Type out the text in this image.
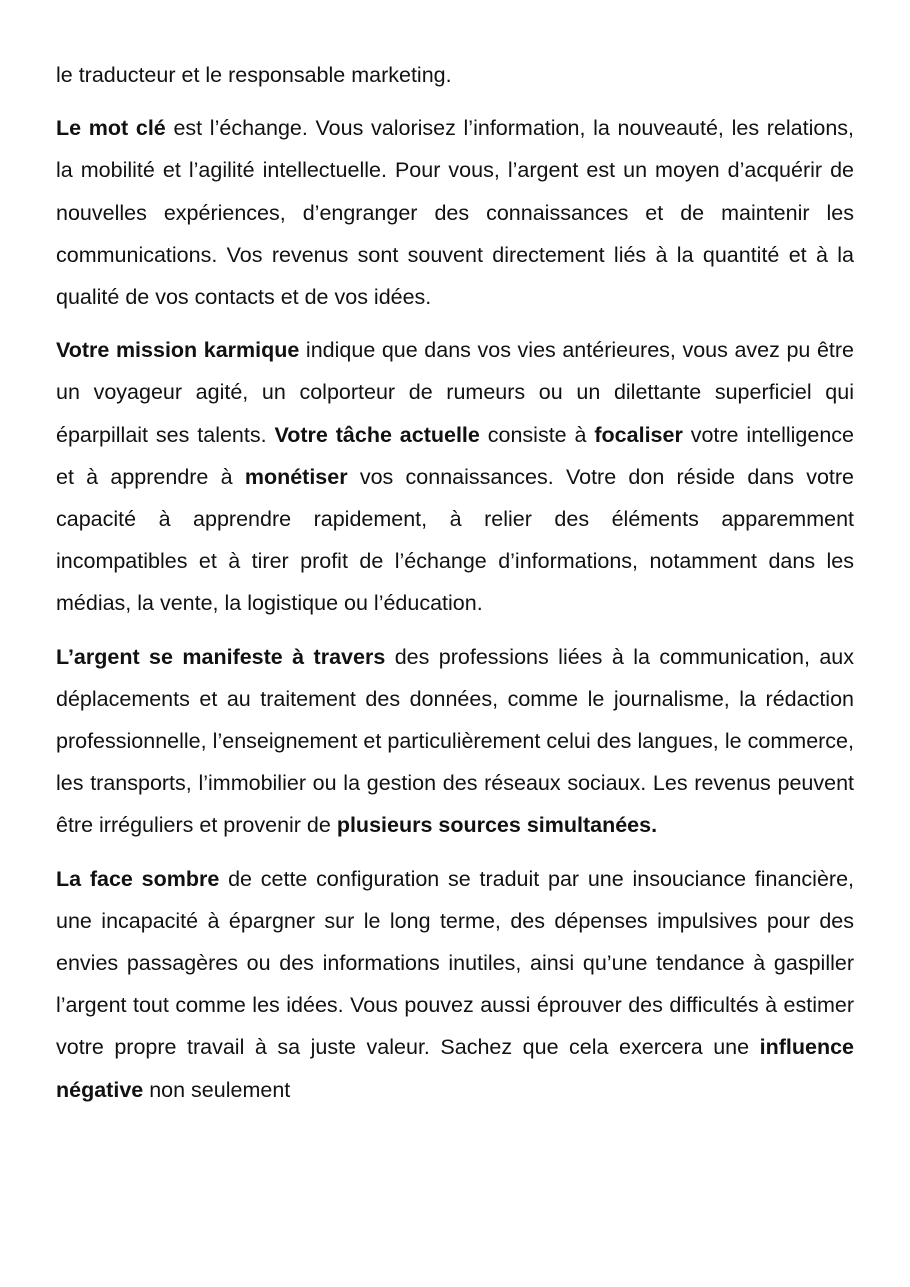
le traducteur et le responsable marketing.

Le mot clé est l’échange. Vous valorisez l’information, la nouveauté, les relations, la mobilité et l’agilité intellectuelle. Pour vous, l’argent est un moyen d’acquérir de nouvelles expériences, d’engranger des connaissances et de maintenir les communications. Vos revenus sont souvent directement liés à la quantité et à la qualité de vos contacts et de vos idées.

Votre mission karmique indique que dans vos vies antérieures, vous avez pu être un voyageur agité, un colporteur de rumeurs ou un dilettante superficiel qui éparpillait ses talents. Votre tâche actuelle consiste à focaliser votre intelligence et à apprendre à monétiser vos connaissances. Votre don réside dans votre capacité à apprendre rapidement, à relier des éléments apparemment incompatibles et à tirer profit de l’échange d’informations, notamment dans les médias, la vente, la logistique ou l’éducation.

L’argent se manifeste à travers des professions liées à la communication, aux déplacements et au traitement des données, comme le journalisme, la rédaction professionnelle, l’enseignement et particulièrement celui des langues, le commerce, les transports, l’immobilier ou la gestion des réseaux sociaux. Les revenus peuvent être irréguliers et provenir de plusieurs sources simultanées.

La face sombre de cette configuration se traduit par une insouciance financière, une incapacité à épargner sur le long terme, des dépenses impulsives pour des envies passagères ou des informations inutiles, ainsi qu’une tendance à gaspiller l’argent tout comme les idées. Vous pouvez aussi éprouver des difficultés à estimer votre propre travail à sa juste valeur. Sachez que cela exercera une influence négative non seulement
